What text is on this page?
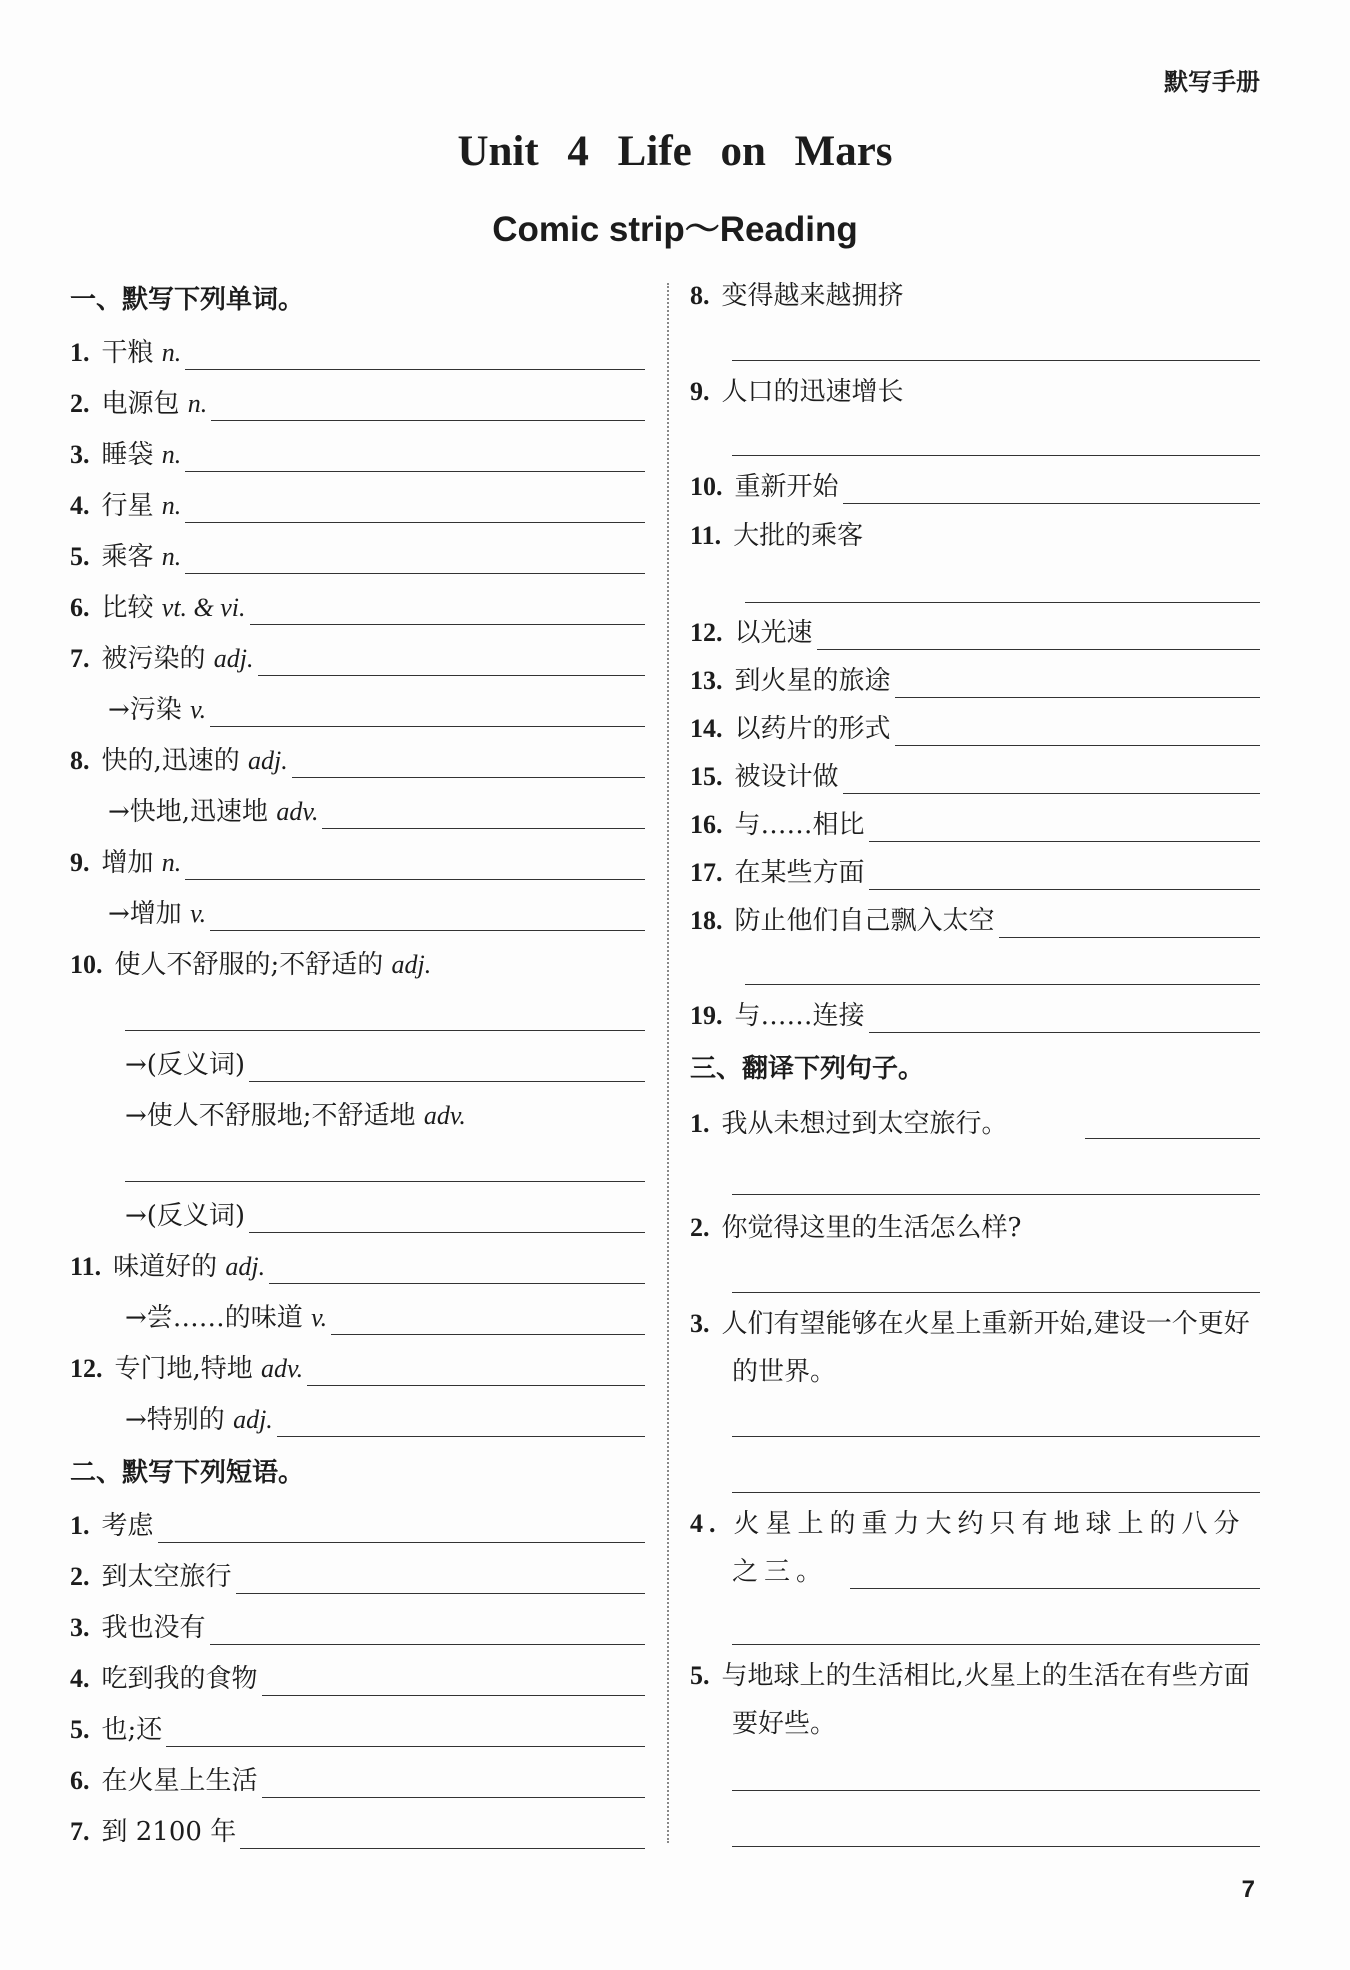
默写手册
Unit 4 Life on Mars
Comic strip～Reading
一、默写下列单词。
1. 干粮
n.
2. 电源包
n.
3. 睡袋
n.
4. 行星
n.
5. 乘客
n.
6. 比较
vt. & vi.
7. 被污染的
adj.
→污染
v.
8. 快的,迅速的
adj.
→快地,迅速地
adv.
9. 增加
n.
→增加
v.
10. 使人不舒服的;不舒适的
adj.
→(反义词)
→使人不舒服地;不舒适地
adv.
→(反义词)
11. 味道好的
adj.
→尝……的味道
v.
12. 专门地,特地
adv.
→特别的
adj.
二、默写下列短语。
1. 考虑
2. 到太空旅行
3. 我也没有
4. 吃到我的食物
5. 也;还
6. 在火星上生活
7. 到 2100 年
8. 变得越来越拥挤
9. 人口的迅速增长
10. 重新开始
11. 大批的乘客
12. 以光速
13. 到火星的旅途
14. 以药片的形式
15. 被设计做
16. 与……相比
17. 在某些方面
18. 防止他们自己飘入太空
19. 与……连接
三、翻译下列句子。
1. 我从未想过到太空旅行。
2. 你觉得这里的生活怎么样?
3. 人们有望能够在火星上重新开始,建设一个更好的世界。
4. 火星上的重力大约只有地球上的八分之三。
5. 与地球上的生活相比,火星上的生活在有些方面要好些。
7
